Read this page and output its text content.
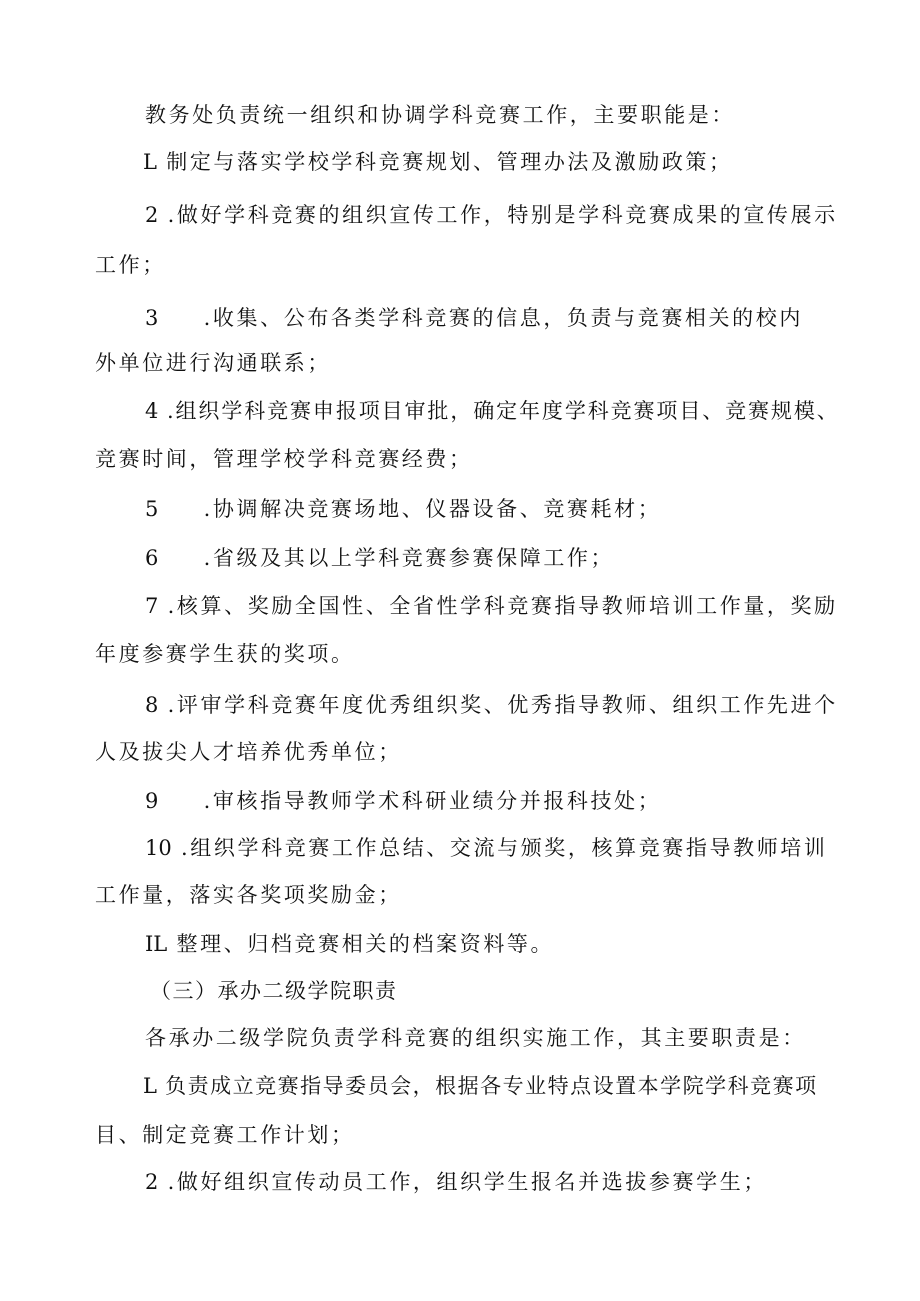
教务处负责统一组织和协调学科竞赛工作，主要职能是：
L 制定与落实学校学科竞赛规划、管理办法及激励政策；
2 .做好学科竞赛的组织宣传工作，特别是学科竞赛成果的宣传展示
工作；
3 .收集、公布各类学科竞赛的信息，负责与竞赛相关的校内
外单位进行沟通联系；
4 .组织学科竞赛申报项目审批，确定年度学科竞赛项目、竞赛规模、
竞赛时间，管理学校学科竞赛经费；
5 .协调解决竞赛场地、仪器设备、竞赛耗材；
6 .省级及其以上学科竞赛参赛保障工作；
7 .核算、奖励全国性、全省性学科竞赛指导教师培训工作量，奖励
年度参赛学生获的奖项。
8 .评审学科竞赛年度优秀组织奖、优秀指导教师、组织工作先进个
人及拔尖人才培养优秀单位；
9 .审核指导教师学术科研业绩分并报科技处；
10 .组织学科竞赛工作总结、交流与颁奖，核算竞赛指导教师培训
工作量，落实各奖项奖励金；
IL 整理、归档竞赛相关的档案资料等。
（三）承办二级学院职责
各承办二级学院负责学科竞赛的组织实施工作，其主要职责是：
L 负责成立竞赛指导委员会，根据各专业特点设置本学院学科竞赛项
目、制定竞赛工作计划；
2 .做好组织宣传动员工作，组织学生报名并选拔参赛学生；
